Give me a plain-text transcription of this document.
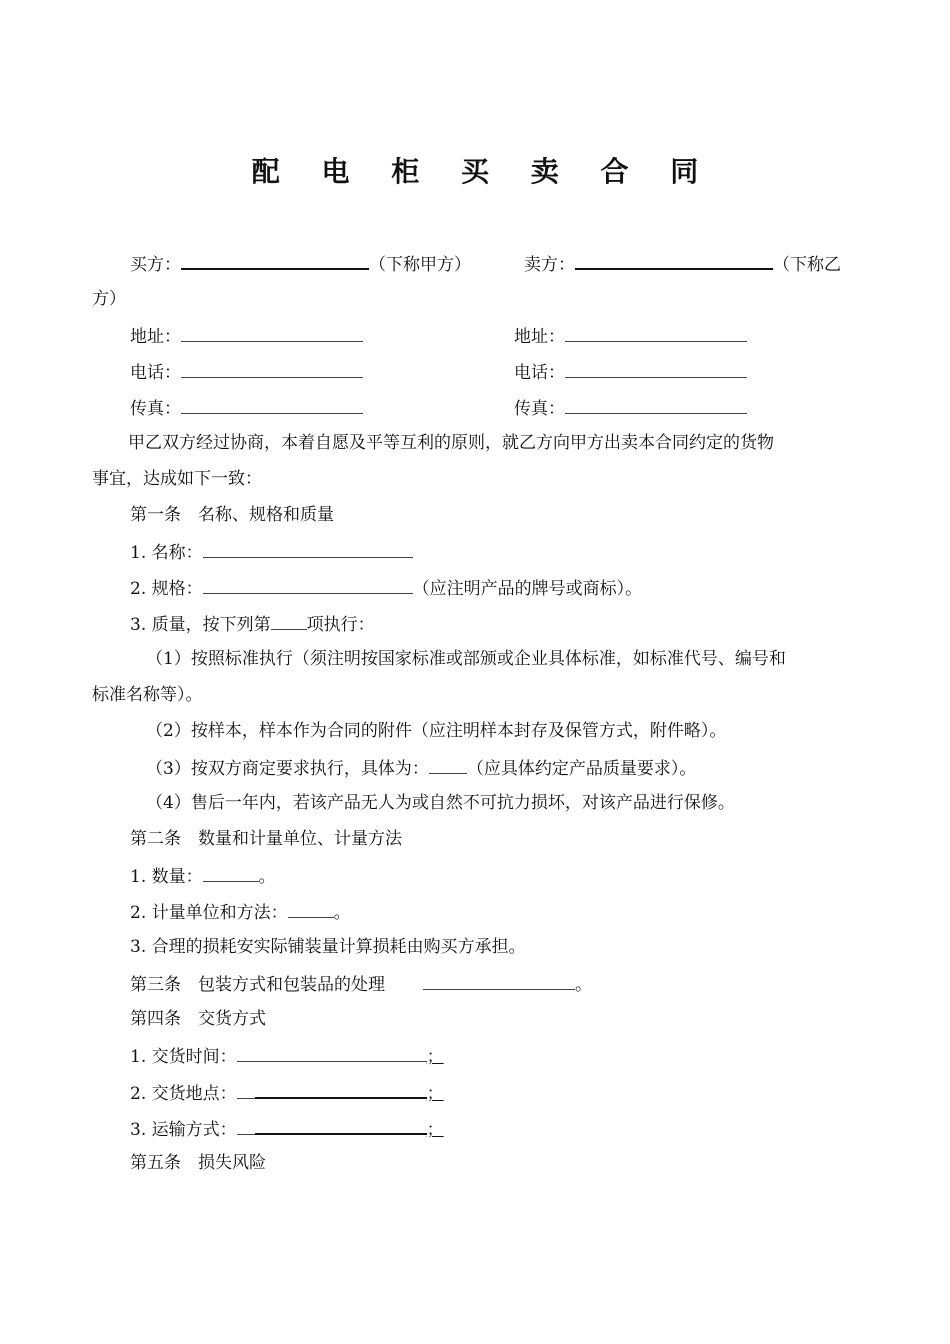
配 电 柜 买 卖 合 同
买方：	（下称甲方）	卖方：	（下称乙
方）
地址：	地址：
电话：	电话：
传真：	传真：
甲乙双方经过协商，本着自愿及平等互利的原则，就乙方向甲方出卖本合同约定的货物
事宜，达成如下一致：
第一条　名称、规格和质量
1. 名称：
2. 规格：	（应注明产品的牌号或商标）。
3. 质量，按下列第 项执行：
（1）按照标准执行（须注明按国家标准或部颁或企业具体标准，如标准代号、编号和
标准名称等）。
（2）按样本，样本作为合同的附件（应注明样本封存及保管方式，附件略）。
（3）按双方商定要求执行，具体为： （应具体约定产品质量要求）。
（4）售后一年内，若该产品无人为或自然不可抗力损坏，对该产品进行保修。
第二条　数量和计量单位、计量方法
1. 数量：	。
2. 计量单位和方法：	。
3. 合理的损耗安实际铺装量计算损耗由购买方承担。
第三条　包装方式和包装品的处理	。
第四条　交货方式
1. 交货时间：	；
2. 交货地点：	；
3. 运输方式：	；
第五条　损失风险
